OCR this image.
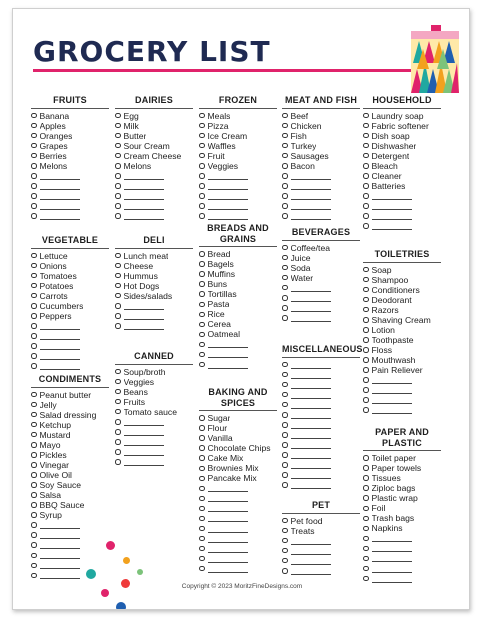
GROCERY LIST
FRUITS
Banana
Apples
Oranges
Grapes
Berries
Melons
VEGETABLE
Lettuce
Onions
Tomatoes
Potatoes
Carrots
Cucumbers
Peppers
CONDIMENTS
Peanut butter
Jelly
Salad dressing
Ketchup
Mustard
Mayo
Pickles
Vinegar
Olive Oil
Soy Sauce
Salsa
BBQ Sauce
Syrup
DAIRIES
Egg
Milk
Butter
Sour Cream
Cream Cheese
Melons
DELI
Lunch meat
Cheese
Hummus
Hot Dogs
Sides/salads
CANNED
Soup/broth
Veggies
Beans
Fruits
Tomato sauce
FROZEN
Meals
Pizza
Ice Cream
Waffles
Fruit
Veggies
BREADS AND GRAINS
Bread
Bagels
Muffins
Buns
Tortillas
Pasta
Rice
Cerea
Oatmeal
BAKING AND SPICES
Sugar
Flour
Vanilla
Chocolate Chips
Cake Mix
Brownies Mix
Pancake Mix
MEAT AND FISH
Beef
Chicken
Fish
Turkey
Sausages
Bacon
BEVERAGES
Coffee/tea
Juice
Soda
Water
MISCELLANEOUS
PET
Pet food
Treats
HOUSEHOLD
Laundry soap
Fabric softener
Dish soap
Dishwasher
Detergent
Bleach
Cleaner
Batteries
TOILETRIES
Soap
Shampoo
Conditioners
Deodorant
Razors
Shaving Cream
Lotion
Toothpaste
Floss
Mouthwash
Pain Reliever
PAPER AND PLASTIC
Toilet paper
Paper towels
Tissues
Ziploc bags
Plastic wrap
Foil
Trash bags
Napkins
Copyright © 2023 MoritzFineDesigns.com
